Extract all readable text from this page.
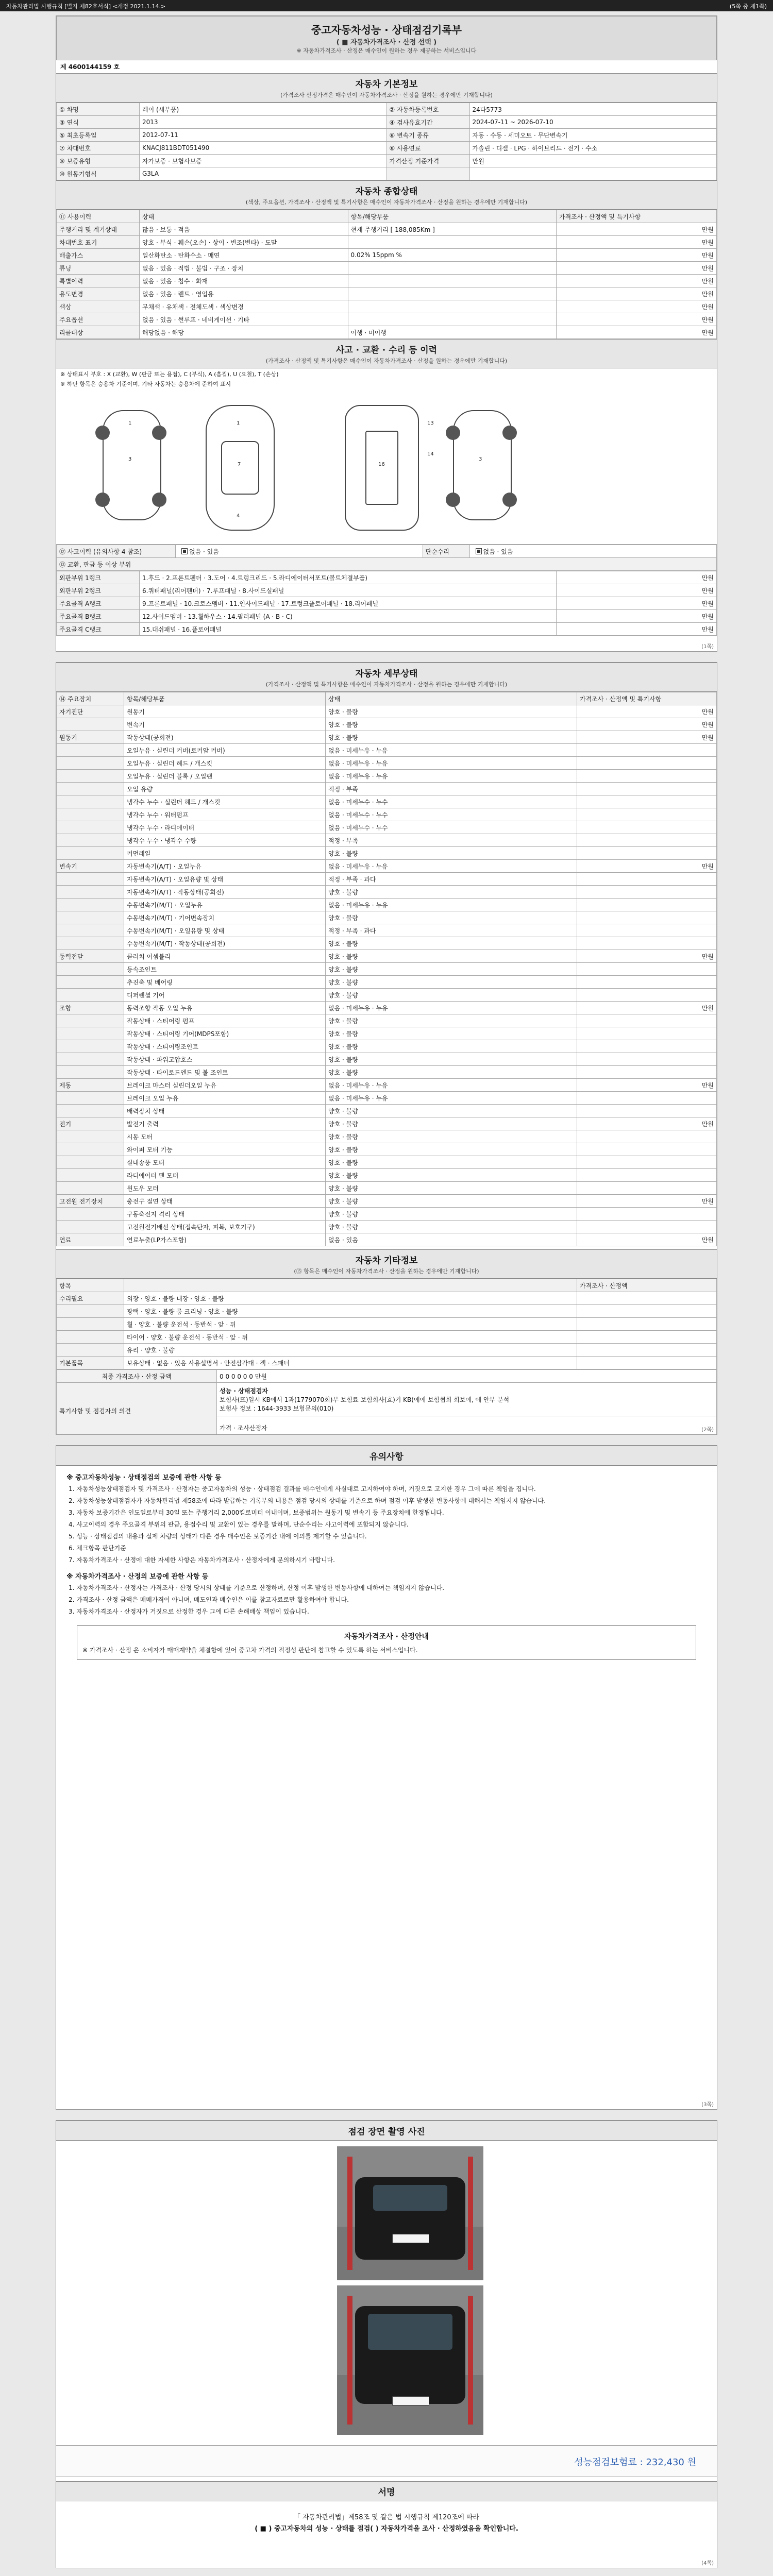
자동차관리법 시행규칙 [별지 제82호서식] <개정 2021.1.14.>	(5쪽 중 제1쪽)
중고자동차성능 · 상태점검기록부
( ■ 자동차가격조사 · 산정 선택 )
※ 자동차가격조사 · 산정은 매수인이 원하는 경우 제공하는 서비스입니다
제 4600144159 호
자동차 기본정보
(가격조사 산정가격은 매수인이 자동차가격조사 · 산정을 원하는 경우에만 기재합니다)
① 차명	레이 (새부품)	② 자동차등록번호	24다5773
③ 연식	2013	④ 검사유효기간	2024-07-11 ~ 2026-07-10
⑤ 최초등록일	2012-07-11	⑥ 변속기 종류	자동 · 수동 · 세미오토 · 무단변속기
⑦ 차대번호	KNACJ811BDT051490	⑧ 사용연료	가솔린 · 디젤 · LPG · 하이브리드 · 전기 · 수소
⑨ 보증유형	자가보증 · 보험사보증	가격산정 기준가격	만원
⑩ 원동기형식	G3LA		
자동차 종합상태
(색상, 주요옵션, 가격조사 · 산정액 및 특기사항은 매수인이 자동차가격조사 · 산정을 원하는 경우에만 기재합니다)
⑪ 사용이력	상태	항목/해당부품	가격조사 · 산정액 및 특기사항
주행거리 및 계기상태	많음 · 보통 · 적음	현재 주행거리 [ 188,085Km ]	만원
차대번호 표기	양호 · 부식 · 훼손(오손) · 상이 · 변조(변타) · 도말		만원
배출가스	일산화탄소 · 탄화수소 · 매연	0.02% 15ppm %	만원
튜닝	없음 · 있음 · 적법 · 불법 · 구조 · 장치		만원
특별이력	없음 · 있음 · 침수 · 화재		만원
용도변경	없음 · 있음 · 렌트 · 영업용		만원
색상	무채색 · 유채색 · 전체도색 · 색상변경		만원
주요옵션	없음 · 있음 · 썬루프 · 네비게이션 · 기타		만원
리콜대상	해당없음 · 해당	이행 · 미이행	만원
사고 · 교환 · 수리 등 이력
(가격조사 · 산정액 및 특기사항은 매수인이 자동차가격조사 · 산정을 원하는 경우에만 기재합니다)
※ 상태표시 부호 : X (교환), W (판금 또는 용접), C (부식), A (흠집), U (요철), T (손상)
※ 하단 항목은 승용차 기준이며, 기타 자동차는 승용차에 준하여 표시
1
3
1
7
4
16
13
14
3
⑫ 사고이력 (유의사항 4 참조)	없음 · 있음	단순수리	없음 · 있음
⑬ 교환, 판금 등 이상 부위
외판부위 1랭크	1.후드 · 2.프론트펜더 · 3.도어 · 4.트렁크리드 · 5.라디에이터서포트(볼트체결부품)	만원
외판부위 2랭크	6.쿼터패널(리어펜더) · 7.루프패널 · 8.사이드실패널	만원
주요골격 A랭크	9.프론트패널 · 10.크로스멤버 · 11.인사이드패널 · 17.트렁크플로어패널 · 18.리어패널	만원
주요골격 B랭크	12.사이드멤버 · 13.휠하우스 · 14.필러패널 (A · B · C)	만원
주요골격 C랭크	15.대쉬패널 · 16.플로어패널	만원
(1쪽)
자동차 세부상태
(가격조사 · 산정액 및 특기사항은 매수인이 자동차가격조사 · 산정을 원하는 경우에만 기재합니다)
⑭ 주요장치	항목/해당부품	상태	가격조사 · 산정액 및 특기사항
자기진단	원동기	양호 · 불량	만원
	변속기	양호 · 불량	만원
원동기	작동상태(공회전)	양호 · 불량	만원
	오일누유 · 실린더 커버(로커암 커버)	없음 · 미세누유 · 누유	
	오일누유 · 실린더 헤드 / 개스킷	없음 · 미세누유 · 누유	
	오일누유 · 실린더 블록 / 오일팬	없음 · 미세누유 · 누유	
	오일 유량	적정 · 부족	
	냉각수 누수 · 실린더 헤드 / 개스킷	없음 · 미세누수 · 누수	
	냉각수 누수 · 워터펌프	없음 · 미세누수 · 누수	
	냉각수 누수 · 라디에이터	없음 · 미세누수 · 누수	
	냉각수 누수 · 냉각수 수량	적정 · 부족	
	커먼레일	양호 · 불량	
변속기	자동변속기(A/T) · 오일누유	없음 · 미세누유 · 누유	만원
	자동변속기(A/T) · 오일유량 및 상태	적정 · 부족 · 과다	
	자동변속기(A/T) · 작동상태(공회전)	양호 · 불량	
	수동변속기(M/T) · 오일누유	없음 · 미세누유 · 누유	
	수동변속기(M/T) · 기어변속장치	양호 · 불량	
	수동변속기(M/T) · 오일유량 및 상태	적정 · 부족 · 과다	
	수동변속기(M/T) · 작동상태(공회전)	양호 · 불량	
동력전달	클러치 어셈블리	양호 · 불량	만원
	등속조인트	양호 · 불량	
	추진축 및 베어링	양호 · 불량	
	디퍼렌셜 기어	양호 · 불량	
조향	동력조향 작동 오일 누유	없음 · 미세누유 · 누유	만원
	작동상태 · 스티어링 펌프	양호 · 불량	
	작동상태 · 스티어링 기어(MDPS포함)	양호 · 불량	
	작동상태 · 스티어링조인트	양호 · 불량	
	작동상태 · 파워고압호스	양호 · 불량	
	작동상태 · 타이로드엔드 및 볼 조인트	양호 · 불량	
제동	브레이크 마스터 실린더오일 누유	없음 · 미세누유 · 누유	만원
	브레이크 오일 누유	없음 · 미세누유 · 누유	
	배력장치 상태	양호 · 불량	
전기	발전기 출력	양호 · 불량	만원
	시동 모터	양호 · 불량	
	와이퍼 모터 기능	양호 · 불량	
	실내송풍 모터	양호 · 불량	
	라디에이터 팬 모터	양호 · 불량	
	윈도우 모터	양호 · 불량	
고전원 전기장치	충전구 절연 상태	양호 · 불량	만원
	구동축전지 격리 상태	양호 · 불량	
	고전원전기배선 상태(접속단자, 피복, 보호기구)	양호 · 불량	
연료	연료누출(LP가스포함)	없음 · 있음	만원
자동차 기타정보
(⑮ 항목은 매수인이 자동차가격조사 · 산정을 원하는 경우에만 기재합니다)
항목		가격조사 · 산정액
수리필요	외장 · 양호 · 불량 내장 · 양호 · 불량	
	광택 · 양호 · 불량 룸 크리닝 · 양호 · 불량	
	휠 · 양호 · 불량 운전석 · 동반석 · 앞 · 뒤	
	타이어 · 양호 · 불량 운전석 · 동반석 · 앞 · 뒤	
	유리 · 양호 · 불량	
기본품목	보유상태 · 없음 · 있음 사용설명서 · 안전삼각대 · 잭 · 스패너	
최종 가격조사 · 산정 금액	0 0 0 0 0 0 만원
특기사항 및 점검자의 의견	성능 · 상태점검자
보험사(뜨)일시 KB에서 1과(1779070회)부 보험료 보험회사(효)기 KB(에에 보험협회 회보에, 에 안부 분석
보험사 정보 : 1644-3933 보험문의(010)
	가격 · 조사산정자	(2쪽)
유의사항
※ 중고자동차성능 · 상태점검의 보증에 관한 사항 등

1. 자동차성능상태점검자 및 가격조사 · 산정자는 중고자동차의 성능 · 상태점검 결과를 매수인에게 사실대로 고지하여야 하며, 거짓으로 고지한 경우 그에 따른 책임을 집니다.

2. 자동차성능상태점검자가 자동차관리법 제58조에 따라 발급하는 기록부의 내용은 점검 당시의 상태를 기준으로 하며 점검 이후 발생한 변동사항에 대해서는 책임지지 않습니다.

3. 자동차 보증기간은 인도일로부터 30일 또는 주행거리 2,000킬로미터 이내이며, 보증범위는 원동기 및 변속기 등 주요장치에 한정됩니다.

4. 사고이력의 경우 주요골격 부위의 판금, 용접수리 및 교환이 있는 경우를 말하며, 단순수리는 사고이력에 포함되지 않습니다.

5. 성능 · 상태점검의 내용과 실제 차량의 상태가 다른 경우 매수인은 보증기간 내에 이의를 제기할 수 있습니다.

6. 체크항목 판단기준

7. 자동차가격조사 · 산정에 대한 자세한 사항은 자동차가격조사 · 산정자에게 문의하시기 바랍니다.

※ 자동차가격조사 · 산정의 보증에 관한 사항 등

1. 자동차가격조사 · 산정자는 가격조사 · 산정 당시의 상태를 기준으로 산정하며, 산정 이후 발생한 변동사항에 대하여는 책임지지 않습니다.

2. 가격조사 · 산정 금액은 매매가격이 아니며, 매도인과 매수인은 이를 참고자료로만 활용하여야 합니다.

3. 자동차가격조사 · 산정자가 거짓으로 산정한 경우 그에 따른 손해배상 책임이 있습니다.

자동차가격조사 · 산정안내
※ 가격조사 · 산정 은 소비자가 매매계약을 체결함에 있어 중고차 가격의 적정성 판단에 참고할 수 있도록 하는 서비스입니다.
(3쪽)
점검 장면 촬영 사진
성능점검보험료 : 232,430 원
서명
「 자동차관리법」제58조 및 같은 법 시행규칙 제120조에 따라
( ■ ) 중고자동차의 성능 · 상태를 점검( ) 자동차가격을 조사 · 산정하였음을 확인합니다.
(4쪽)
